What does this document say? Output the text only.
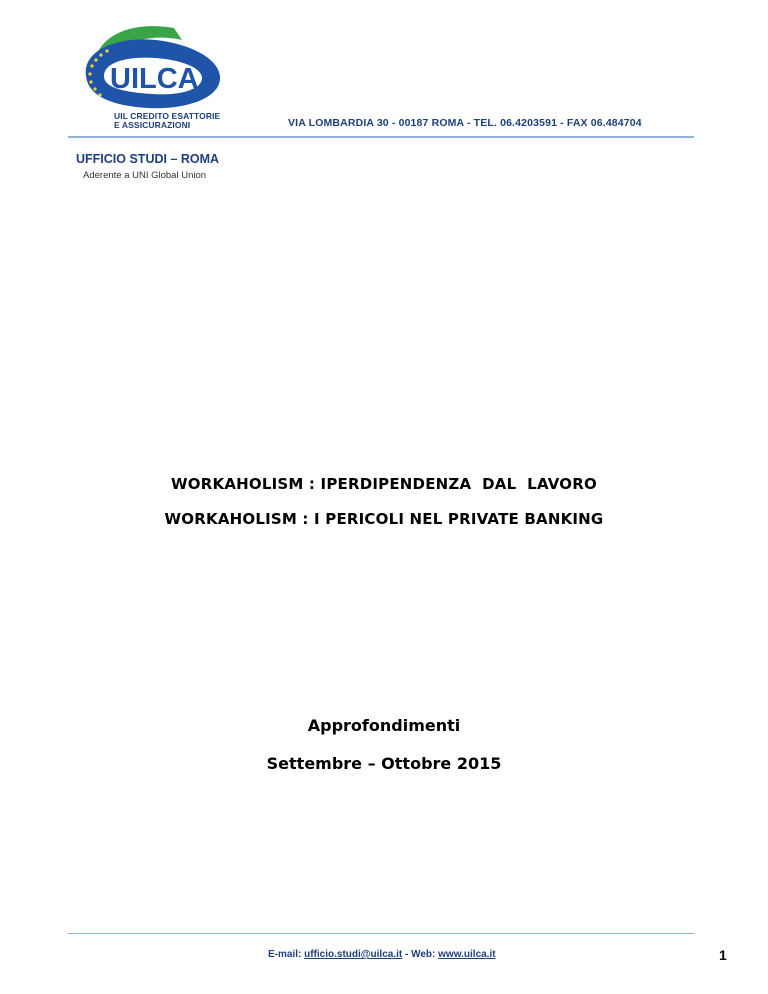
UILCA
UIL CREDITO ESATTORIE
E ASSICURAZIONI	VIA LOMBARDIA 30 - 00187 ROMA - TEL. 06.4203591 - FAX 06.484704
UFFICIO STUDI – ROMA
Aderente a UNI Global Union
WORKAHOLISM : IPERDIPENDENZA  DAL  LAVORO
WORKAHOLISM : I PERICOLI NEL PRIVATE BANKING
Approfondimenti
Settembre – Ottobre 2015
E-mail: ufficio.studi@uilca.it - Web: www.uilca.it	1
